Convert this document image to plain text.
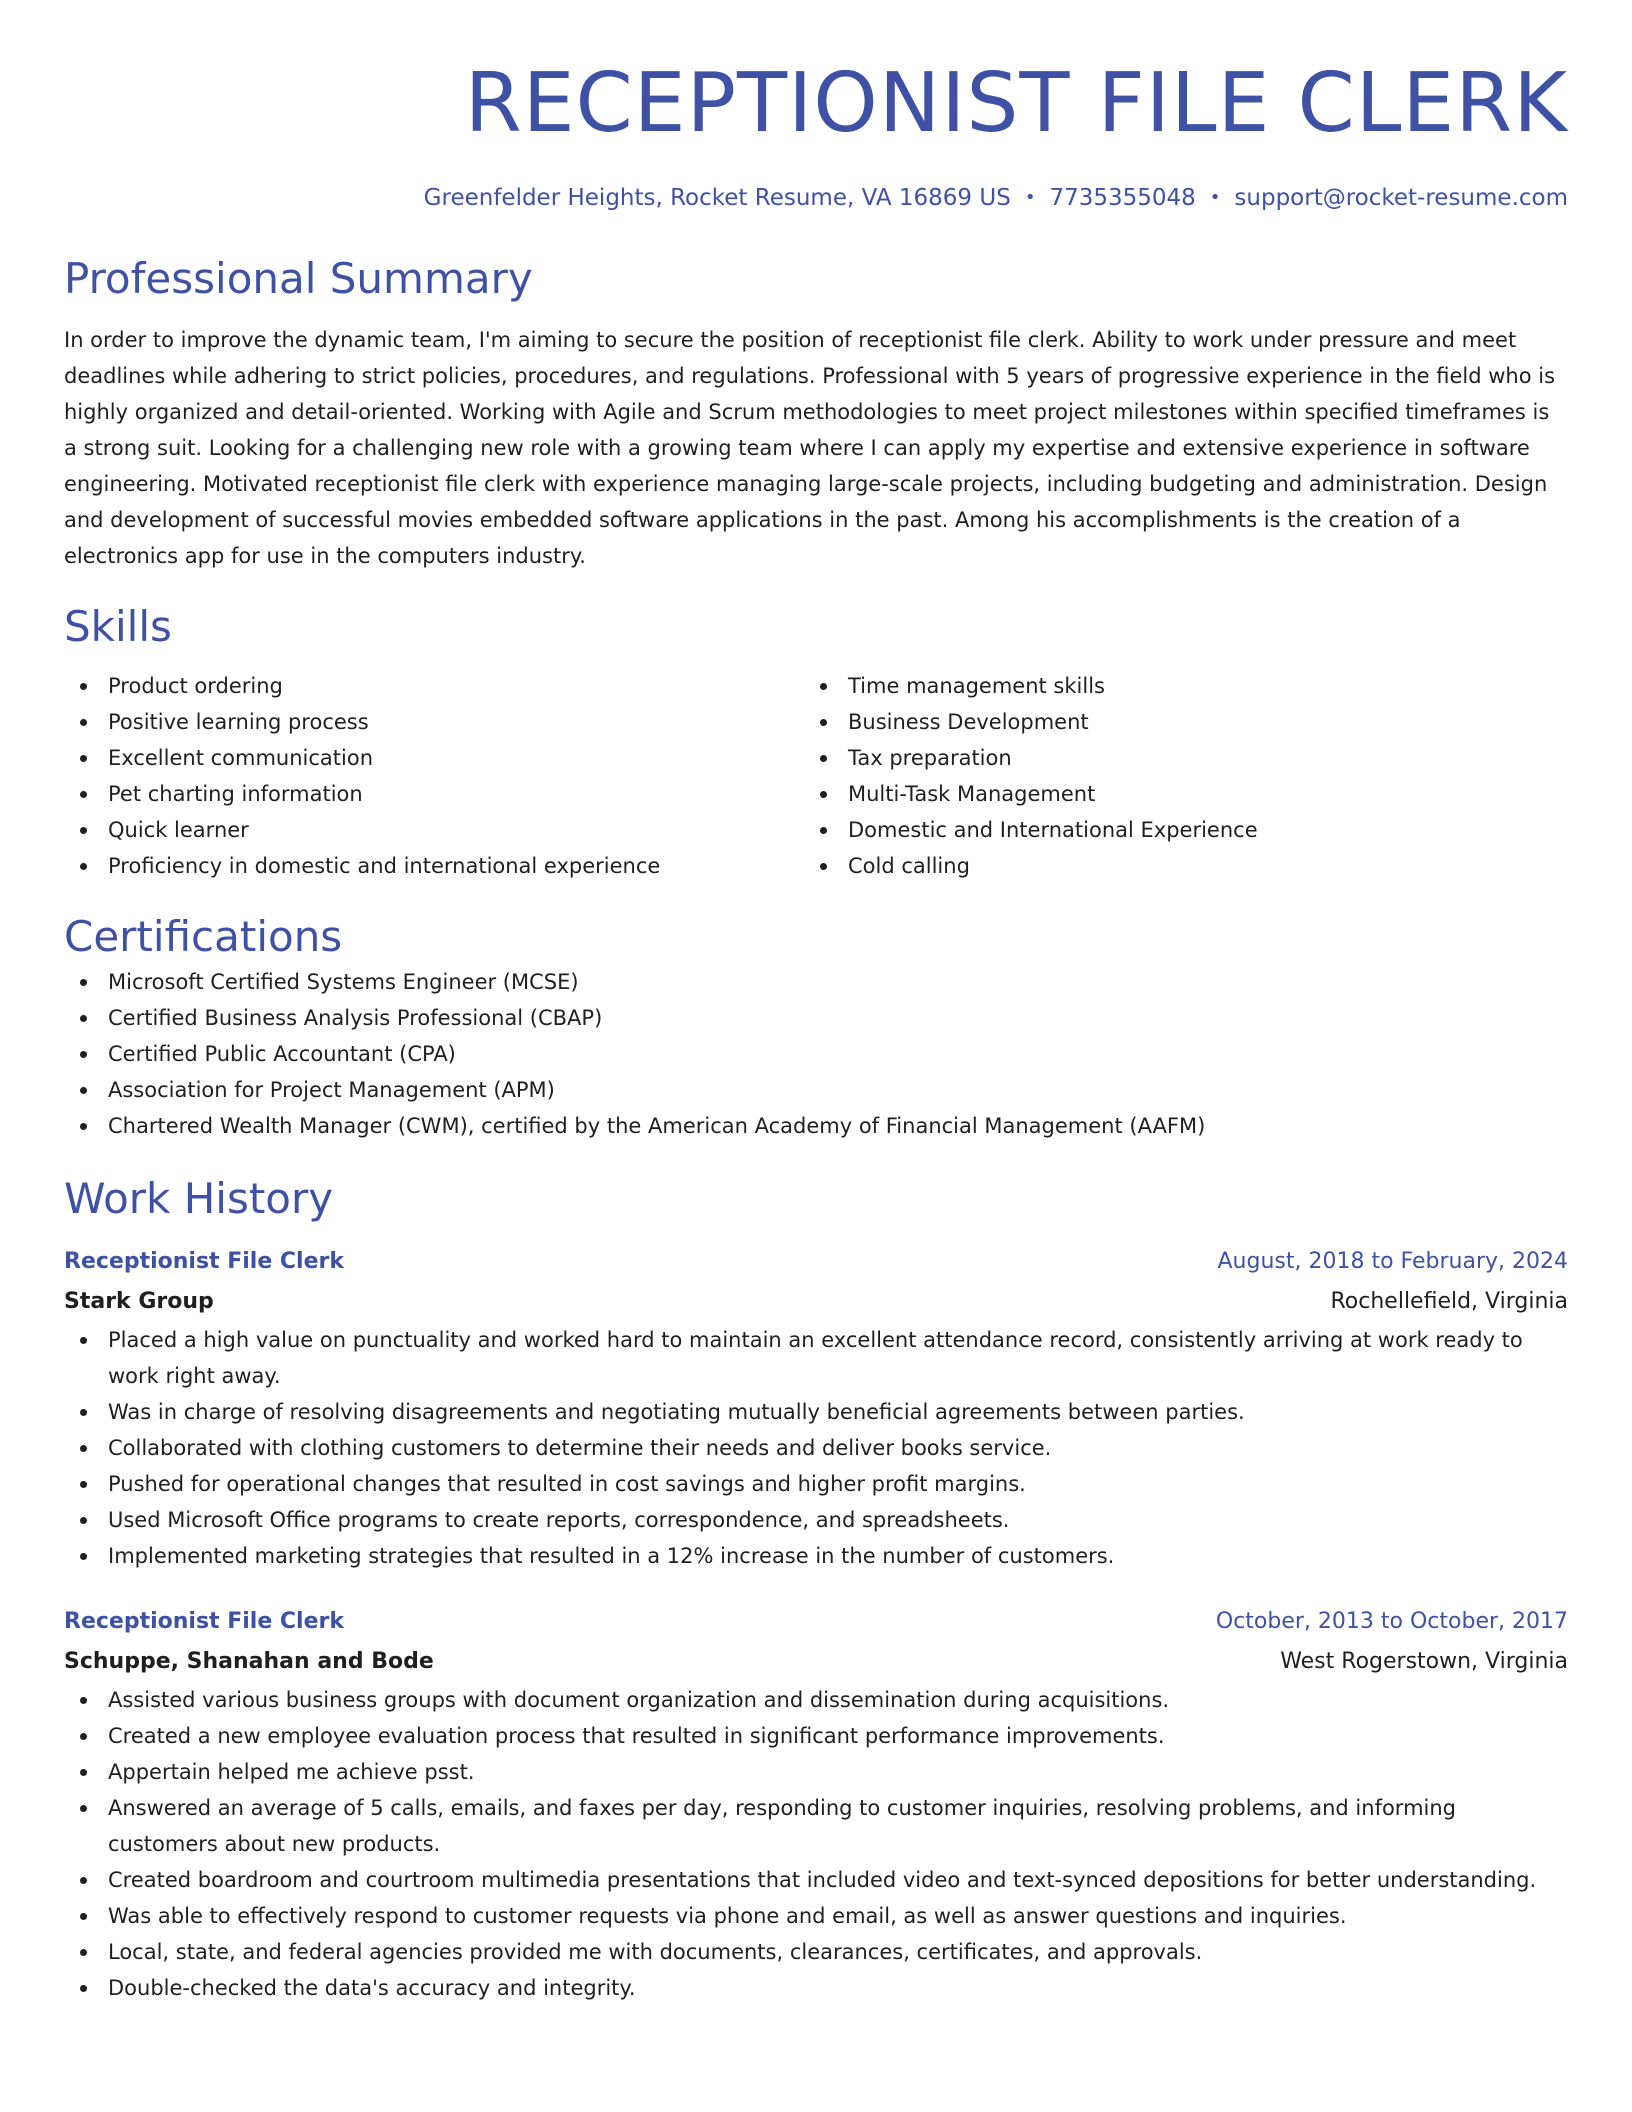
RECEPTIONIST FILE CLERK
Greenfelder Heights, Rocket Resume, VA 16869 US • 7735355048 • support@rocket-resume.com
Professional Summary

In order to improve the dynamic team, I'm aiming to secure the position of receptionist file clerk. Ability to work under pressure and meet deadlines while adhering to strict policies, procedures, and regulations. Professional with 5 years of progressive experience in the field who is highly organized and detail-oriented. Working with Agile and Scrum methodologies to meet project milestones within specified timeframes is a strong suit. Looking for a challenging new role with a growing team where I can apply my expertise and extensive experience in software engineering. Motivated receptionist file clerk with experience managing large-scale projects, including budgeting and administration. Design and development of successful movies embedded software applications in the past. Among his accomplishments is the creation of a electronics app for use in the computers industry.

Skills
Product ordering
Positive learning process
Excellent communication
Pet charting information
Quick learner
Proficiency in domestic and international experience
Time management skills
Business Development
Tax preparation
Multi-Task Management
Domestic and International Experience
Cold calling
Certifications
Microsoft Certified Systems Engineer (MCSE)
Certified Business Analysis Professional (CBAP)
Certified Public Accountant (CPA)
Association for Project Management (APM)
Chartered Wealth Manager (CWM), certified by the American Academy of Financial Management (AAFM)
Work History
Receptionist File Clerk	August, 2018 to February, 2024
Stark Group	Rochellefield, Virginia
Placed a high value on punctuality and worked hard to maintain an excellent attendance record, consistently arriving at work ready to work right away.
Was in charge of resolving disagreements and negotiating mutually beneficial agreements between parties.
Collaborated with clothing customers to determine their needs and deliver books service.
Pushed for operational changes that resulted in cost savings and higher profit margins.
Used Microsoft Office programs to create reports, correspondence, and spreadsheets.
Implemented marketing strategies that resulted in a 12% increase in the number of customers.
Receptionist File Clerk	October, 2013 to October, 2017
Schuppe, Shanahan and Bode	West Rogerstown, Virginia
Assisted various business groups with document organization and dissemination during acquisitions.
Created a new employee evaluation process that resulted in significant performance improvements.
Appertain helped me achieve psst.
Answered an average of 5 calls, emails, and faxes per day, responding to customer inquiries, resolving problems, and informing customers about new products.
Created boardroom and courtroom multimedia presentations that included video and text-synced depositions for better understanding.
Was able to effectively respond to customer requests via phone and email, as well as answer questions and inquiries.
Local, state, and federal agencies provided me with documents, clearances, certificates, and approvals.
Double-checked the data's accuracy and integrity.
